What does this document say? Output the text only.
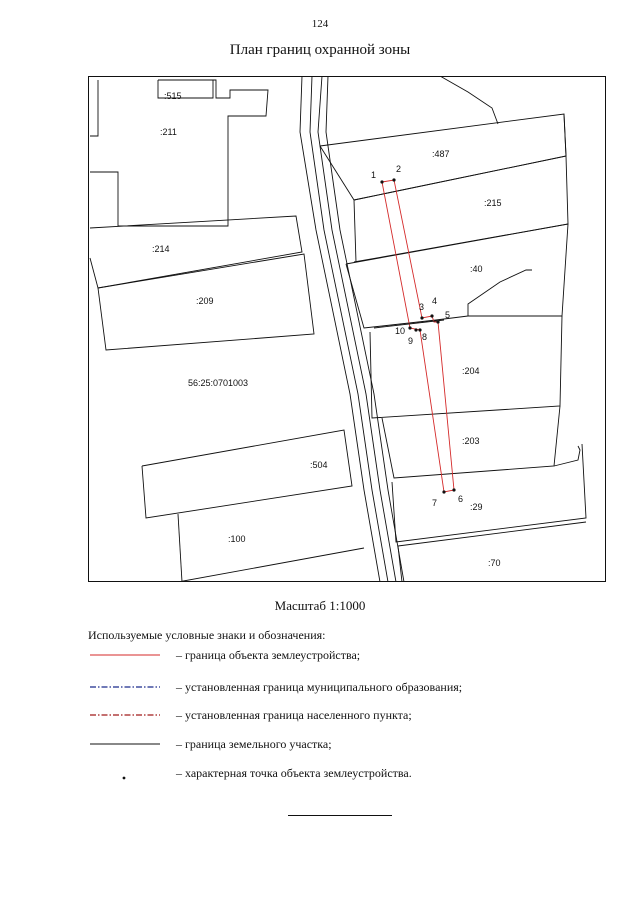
124
План границ охранной зоны
:515
:211
:214
:209
:487
:215
:40
:204
:203
:504
:100
:29
:70
56:25:0701003
1
2
3
4
5
6
7
8
9
10
Масштаб 1:1000
Используемые условные знаки и обозначения:
– граница объекта землеустройства;
– установленная граница муниципального образования;
– установленная граница населенного пункта;
– граница земельного участка;
– характерная точка объекта землеустройства.
